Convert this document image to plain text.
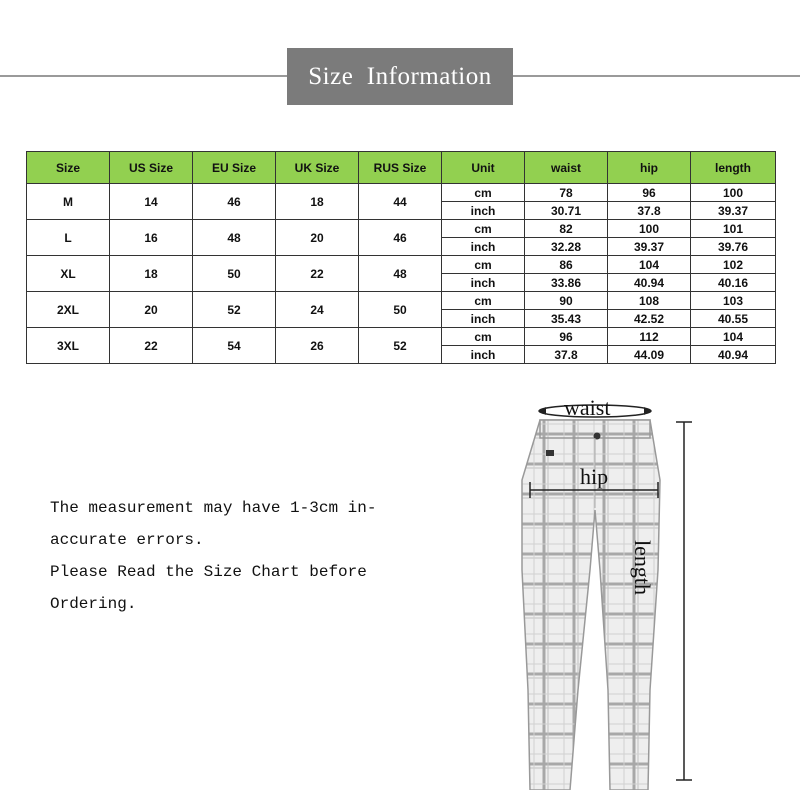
Size  Information
Size	US Size	EU Size	UK Size	RUS Size	Unit	waist	hip	length
M	14	46	18	44	cm	78	96	100
					inch	30.71	37.8	39.37
L	16	48	20	46	cm	82	100	101
					inch	32.28	39.37	39.76
XL	18	50	22	48	cm	86	104	102
					inch	33.86	40.94	40.16
2XL	20	52	24	50	cm	90	108	103
					inch	35.43	42.52	40.55
3XL	22	54	26	52	cm	96	112	104
					inch	37.8	44.09	40.94
The measurement may have 1-3cm in-
accurate errors.
Please Read the Size Chart before
Ordering.
waist
hip
length
